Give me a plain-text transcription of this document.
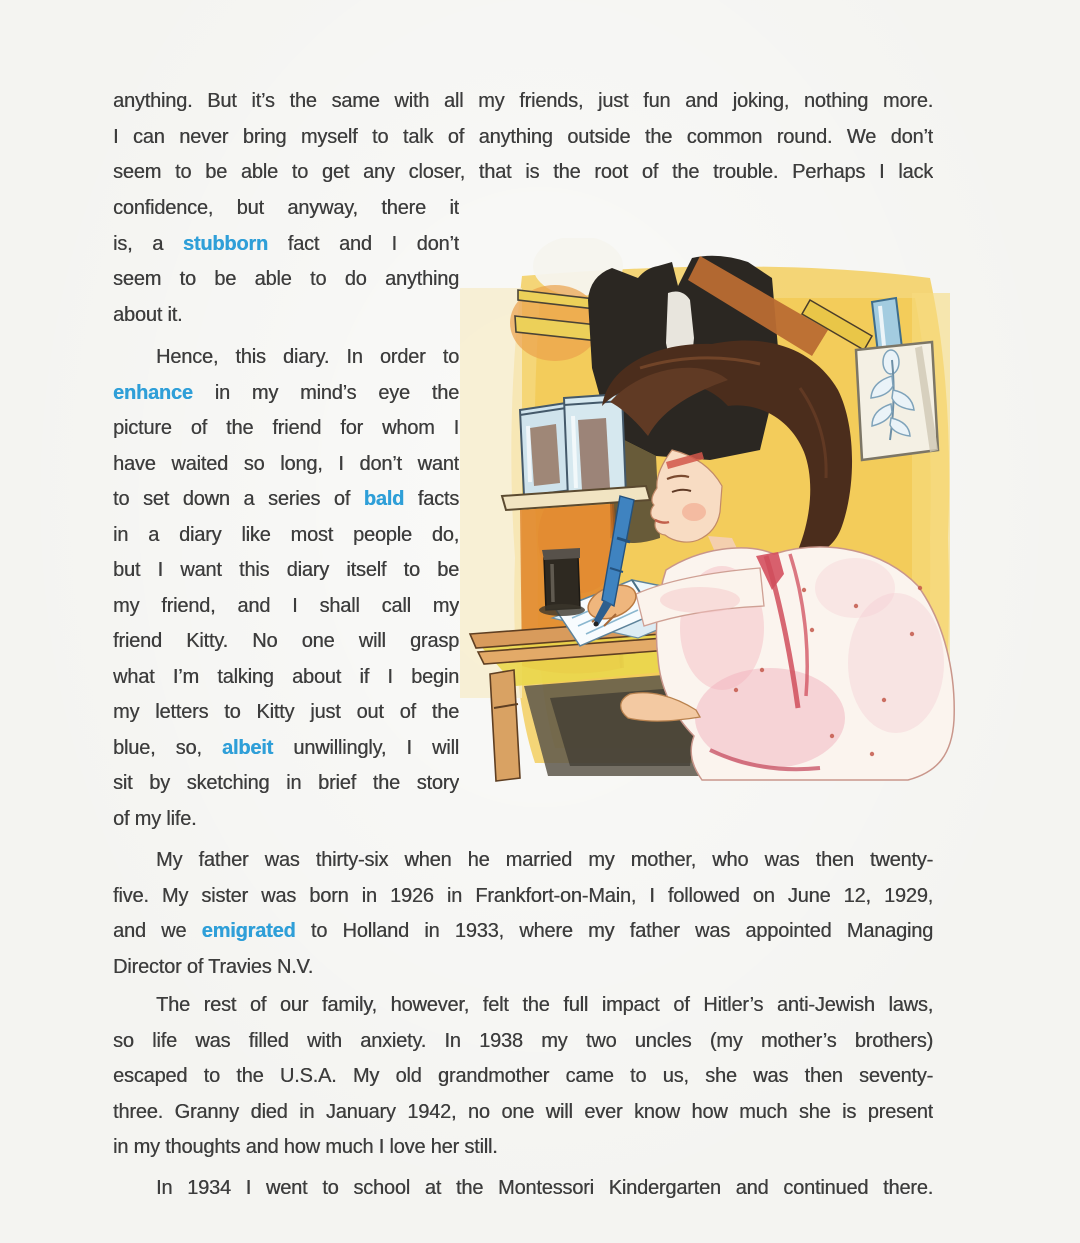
anything. But it’s the same with all my friends, just fun and joking, nothing more.
I can never bring myself to talk of anything outside the common round. We don’t
seem to be able to get any closer, that is the root of the trouble. Perhaps I lack
confidence, but anyway, there it
is, a stubborn fact and I don’t
seem to be able to do anything
about it.
Hence, this diary. In order to
enhance in my mind’s eye the
picture of the friend for whom I
have waited so long, I don’t want
to set down a series of bald facts
in a diary like most people do,
but I want this diary itself to be
my friend, and I shall call my
friend Kitty. No one will grasp
what I’m talking about if I begin
my letters to Kitty just out of the
blue, so, albeit unwillingly, I will
sit by sketching in brief the story
of my life.
My father was thirty-six when he married my mother, who was then twenty-
five. My sister was born in 1926 in Frankfort-on-Main, I followed on June 12, 1929,
and we emigrated to Holland in 1933, where my father was appointed Managing
Director of Travies N.V.
The rest of our family, however, felt the full impact of Hitler’s anti-Jewish laws,
so life was filled with anxiety. In 1938 my two uncles (my mother’s brothers)
escaped to the U.S.A. My old grandmother came to us, she was then seventy-
three. Granny died in January 1942, no one will ever know how much she is present
in my thoughts and how much I love her still.
In 1934 I went to school at the Montessori Kindergarten and continued there.
